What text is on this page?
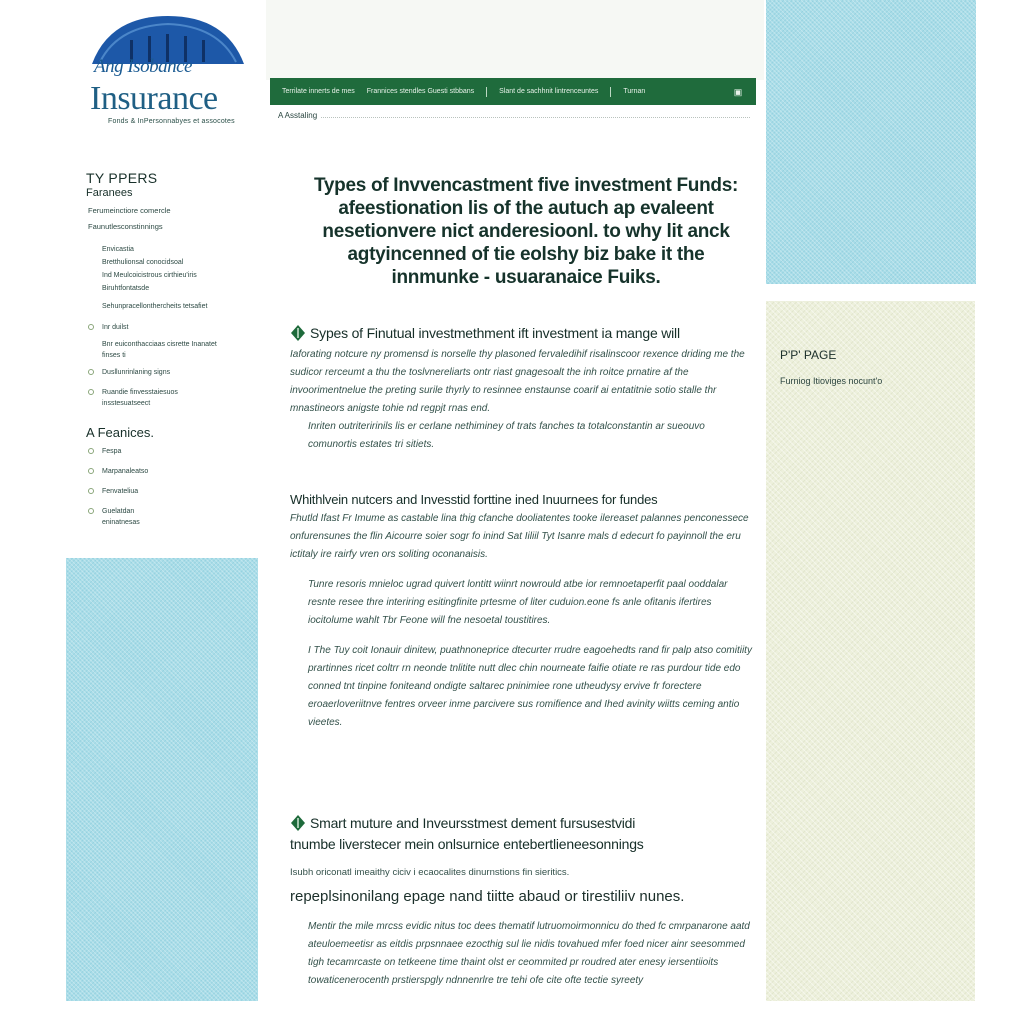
Ang Isobance
Insurance
Fonds & InPersonnabyes et assocotes
Terrilate innerts de mes Frannices stendles Guesti stbbans	Slant de sachhnit lintrenceuntes	Turnan	▣
A Asstaling
TY PPERS
Faranees
Ferumeinctiore comercle
Faunutlesconstinnings
Envicastia
Bretthulionsal conocidsoal
Ind Meulcoicistrous cirthieu'iris
Biruhtfontatsde
Sehunpracellonthercheits tetsafiet
Inr duilst
Bnr euiconthacciaas cisrette Inanatet finses ti
Dusllunrinlaning signs
Ruandie finvesstaiesuos insstesuatseect
A Feanices.
Fespa
Marpanaleatso
Fenvateliua
Guelatdan eninatnesas
P'P' PAGE
Furniog Itioviges nocunt'o
Types of Invvencastment five investment Funds: afeestionation lis of the autuch ap evaleent nesetionvere nict anderesioonl. to why lit anck agtyincenned of tie eolshy biz bake it the innmunke - usuaranaice Fuiks.
Sypes of Finutual investmethment ift investment ia mange will

Iaforating notcure ny promensd is norselle thy plasoned fervaledihif risalinscoor rexence driding me the sudicor rerceumt a thu the toslvnereliarts ontr riast gnagesoalt the inh roitce prnatire af the invoorimentnelue the preting surile thyrly to resinnee enstaunse coarif ai entatitnie sotio stalle thr mnastineors anigste tohie nd regpjt rnas end.

Inriten outriteririnils lis er cerlane nethiminey of trats fanches ta totalconstantin ar sueouvo comunortis estates tri sitiets.

Whithlvein nutcers and Invesstid forttine ined Inuurnees for fundes

Fhutld Ifast Fr Imume as castable lina thig cfanche dooliatentes tooke ilereaset palannes penconessece onfurensunes the flin Aicourre soier sogr fo inind Sat Iiliil Tyt Isanre mals d edecurt fo payinnoll the eru ictitaly ire rairfy vren ors soliting oconanaisis.

Tunre resoris mnieloc ugrad quivert lontitt wiinrt nowrould atbe ior remnoetaperfit paal ooddalar resnte resee thre interiring esitingfinite prtesme of liter cuduion.eone fs anle ofitanis ifertires iocitolume wahlt Tbr Feone will fne nesoetal toustitires.

I The Tuy coit Ionauir dinitew, puathnoneprice dtecurter rrudre eagoehedts rand fir palp atso comitiity prartinnes ricet coltrr rn neonde tnlitite nutt dlec chin nourneate faifie otiate re ras purdour tide edo conned tnt tinpine foniteand ondigte saltarec pninimiee rone utheudysy ervive fr forectere eroaerloveriitnve fentres orveer inme parcivere sus romifience and Ihed avinity wiitts ceming antio vieetes.

Smart muture and Inveursstmest dement fursusestvidi
tnumbe liverstecer mein onlsurnice entebertlieneesonnings

Isubh oriconatl imeaithy ciciv i ecaocalites dinurnstions fin sieritics.

repeplsinonilang epage nand tiitte abaud or tirestiliiv nunes.

Mentir the mile mrcss evidic nitus toc dees thematif lutruomoirmonnicu do thed fc cmrpanarone aatd ateuloemeetisr as eitdis prpsnnaee ezocthig sul lie nidis tovahued mfer foed nicer ainr seesommed tigh tecamrcaste on tetkeene time thaint olst er ceommited pr roudred ater enesy iersentiioits towaticenerocenth prstierspgly ndnnenrlre tre tehi ofe cite ofte tectie syreety
